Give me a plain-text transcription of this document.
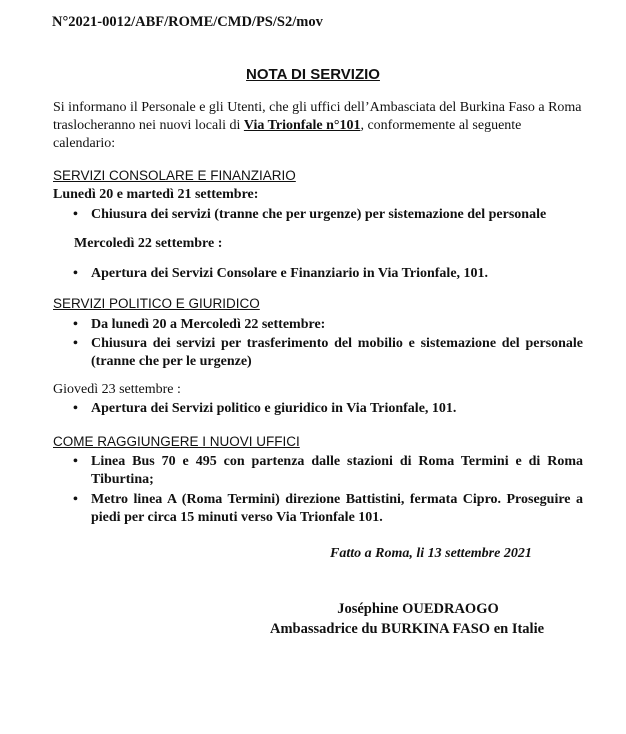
N°2021-0012/ABF/ROME/CMD/PS/S2/mov
NOTA DI SERVIZIO
Si informano il Personale e gli Utenti, che gli uffici dell’Ambasciata del Burkina Faso a Roma traslocheranno nei nuovi locali di Via Trionfale n°101, conformemente al seguente calendario:
SERVIZI CONSOLARE E FINANZIARIO
Lunedì 20 e martedì 21 settembre:
• Chiusura dei servizi (tranne che per urgenze) per sistemazione del personale
Mercoledì 22 settembre :
• Apertura dei Servizi Consolare e Finanziario in Via Trionfale, 101.
SERVIZI POLITICO E GIURIDICO
• Da lunedì 20 a Mercoledì 22 settembre:
• Chiusura dei servizi per trasferimento del mobilio e sistemazione del personale (tranne che per le urgenze)
Giovedì 23 settembre :
• Apertura dei Servizi politico e giuridico in Via Trionfale, 101.
COME RAGGIUNGERE I NUOVI UFFICI
• Linea Bus 70 e 495 con partenza dalle stazioni di Roma Termini e di Roma Tiburtina;
• Metro linea A (Roma Termini) direzione Battistini, fermata Cipro. Proseguire a piedi per circa 15 minuti verso Via Trionfale 101.
Fatto a Roma, li 13 settembre 2021
Joséphine OUEDRAOGO
Ambassadrice du BURKINA FASO en Italie
